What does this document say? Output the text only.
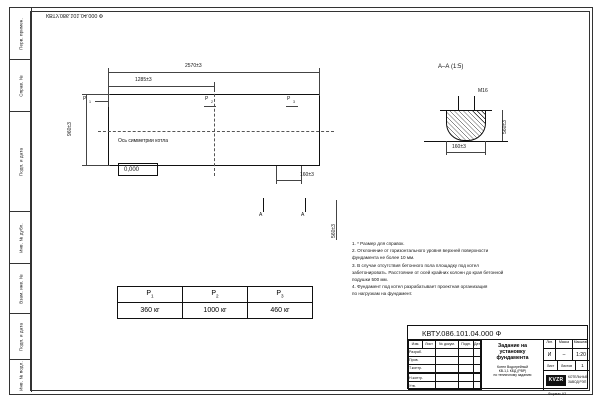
Перв. примен.
Справ. №
Подп. и дата
Инв. № дубл.
Взам. инв. №
Подп. и дата
Инв. № подл.
КВТУ.086.101.04.000 Ф
2570±3
1285±3
960±3
Ось симметрии котла
0,000
P 1	P 2	P 3
160±3
А	А
560±3
А–А (1:5)
М16
160±3
560±3
1. * Размер для справок.
2. Отклонение от горизонтального уровня верхней поверхности
фундамента не более 10 мм.
3. В случае отсутствия бетонного пола площадку под котел
забетонировать. Расстояние от осей крайних колонн до края бетонной
подушки 500 мм.
4. Фундамент под котел разрабатывает проектная организация
по нагрузкам на фундамент.
$P_1$	$P_2$	$P_3$
360 кг	1000 кг	460 кг
КВТУ.086.101.04.000 Ф
Изм.	Лист	№ докум.	Подп.	Дата
Разраб.				
Пров.				
Т.контр.				

Н.контр.				
Утв.				
Задание на
установку
фундамента
Котел Водогрейный
КВ-1,1 КБД (РВР)
по тепличному заданию
Лит.	Масса	Масштаб
И	–	1:20
Лист	Листов	1
KVZR	КОТЕЛЬНЫЙ
ЗАВОД РЭП
Формат А3
